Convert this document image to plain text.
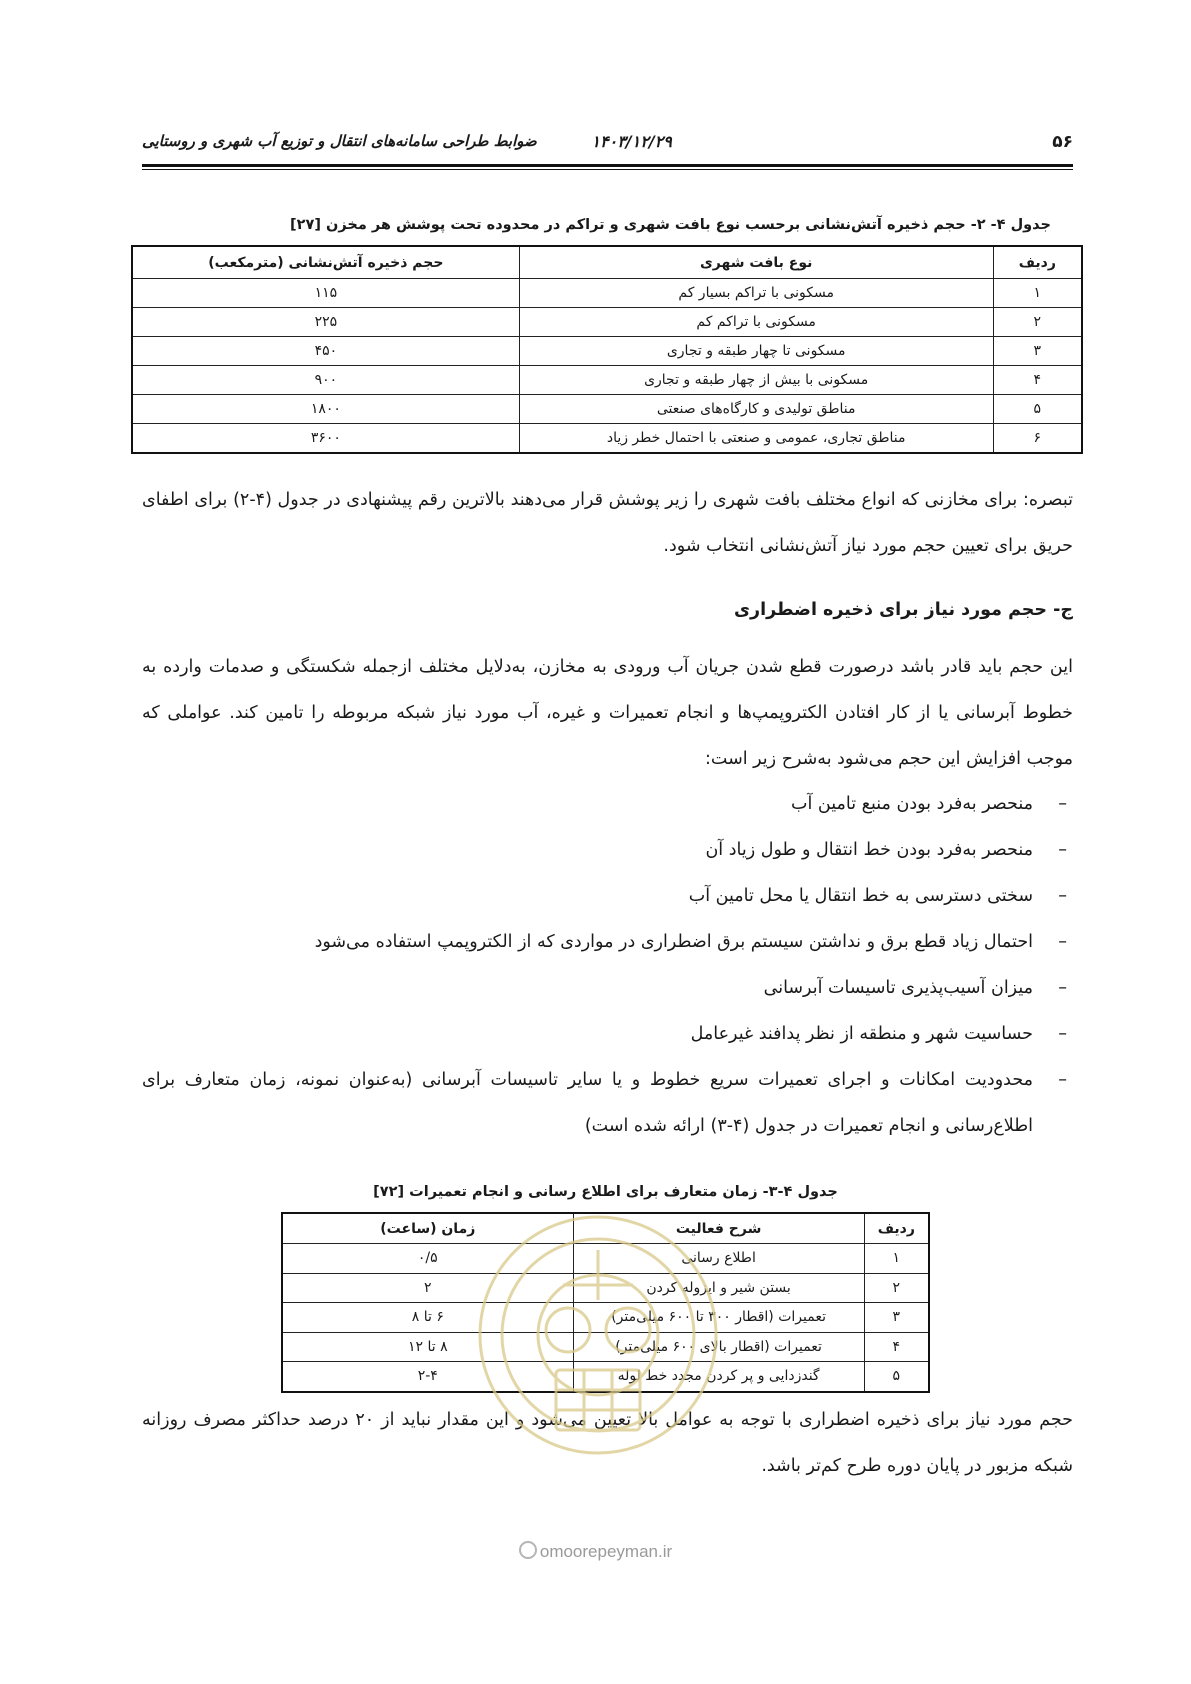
۵۶
۱۴۰۳/۱۲/۲۹
ضوابط طراحی سامانه‌های انتقال و توزیع آب شهری و روستایی
جدول ۴- ۲- حجم ذخیره آتش‌نشانی برحسب نوع بافت شهری و تراکم در محدوده تحت پوشش هر مخزن [۲۷]
ردیف	نوع بافت شهری	حجم ذخیره آتش‌نشانی (مترمکعب)
۱	مسکونی با تراکم بسیار کم	۱۱۵
۲	مسکونی با تراکم کم	۲۲۵
۳	مسکونی تا چهار طبقه و تجاری	۴۵۰
۴	مسکونی با بیش از چهار طبقه و تجاری	۹۰۰
۵	مناطق تولیدی و کارگاه‌های صنعتی	۱۸۰۰
۶	مناطق تجاری، عمومی و صنعتی با احتمال خطر زیاد	۳۶۰۰
تبصره: برای مخازنی که انواع مختلف بافت شهری را زیر پوشش قرار می‌دهند بالاترین رقم پیشنهادی در جدول (۴-۲) برای اطفای حریق برای تعیین حجم مورد نیاز آتش‌نشانی انتخاب شود.
ج- حجم مورد نیاز برای ذخیره اضطراری
این حجم باید قادر باشد درصورت قطع شدن جریان آب ورودی به مخازن، به‌دلایل مختلف ازجمله شکستگی و صدمات وارده به خطوط آبرسانی یا از کار افتادن الکتروپمپ‌ها و انجام تعمیرات و غیره، آب مورد نیاز شبکه مربوطه را تامین کند. عواملی که موجب افزایش این حجم می‌شود به‌شرح زیر است:
–
منحصر به‌فرد بودن منبع تامین آب
–
منحصر به‌فرد بودن خط انتقال و طول زیاد آن
–
سختی دسترسی به خط انتقال یا محل تامین آب
–
احتمال زیاد قطع برق و نداشتن سیستم برق اضطراری در مواردی که از الکتروپمپ استفاده می‌شود
–
میزان آسیب‌پذیری تاسیسات آبرسانی
–
حساسیت شهر و منطقه از نظر پدافند غیرعامل
–
محدودیت امکانات و اجرای تعمیرات سریع خطوط و یا سایر تاسیسات آبرسانی (به‌عنوان نمونه، زمان متعارف برای اطلاع‌رسانی و انجام تعمیرات در جدول (۴-۳) ارائه شده است)
جدول ۴-۳- زمان متعارف برای اطلاع رسانی و انجام تعمیرات [۷۲]
ردیف	شرح فعالیت	زمان (ساعت)
۱	اطلاع رسانی	۰/۵
۲	بستن شیر و ایزوله کردن	۲
۳	تعمیرات (اقطار ۳۰۰ تا ۶۰۰ میلی‌متر)	۶ تا ۸
۴	تعمیرات (اقطار بالای ۶۰۰ میلی‌متر)	۸ تا ۱۲
۵	گندزدایی و پر کردن مجدد خط لوله	۲-۴
حجم مورد نیاز برای ذخیره اضطراری با توجه به عوامل بالا تعیین می‌شود و این مقدار نباید از ۲۰ درصد حداکثر مصرف روزانه شبکه مزبور در پایان دوره طرح کم‌تر باشد.
omoorepeyman.ir
